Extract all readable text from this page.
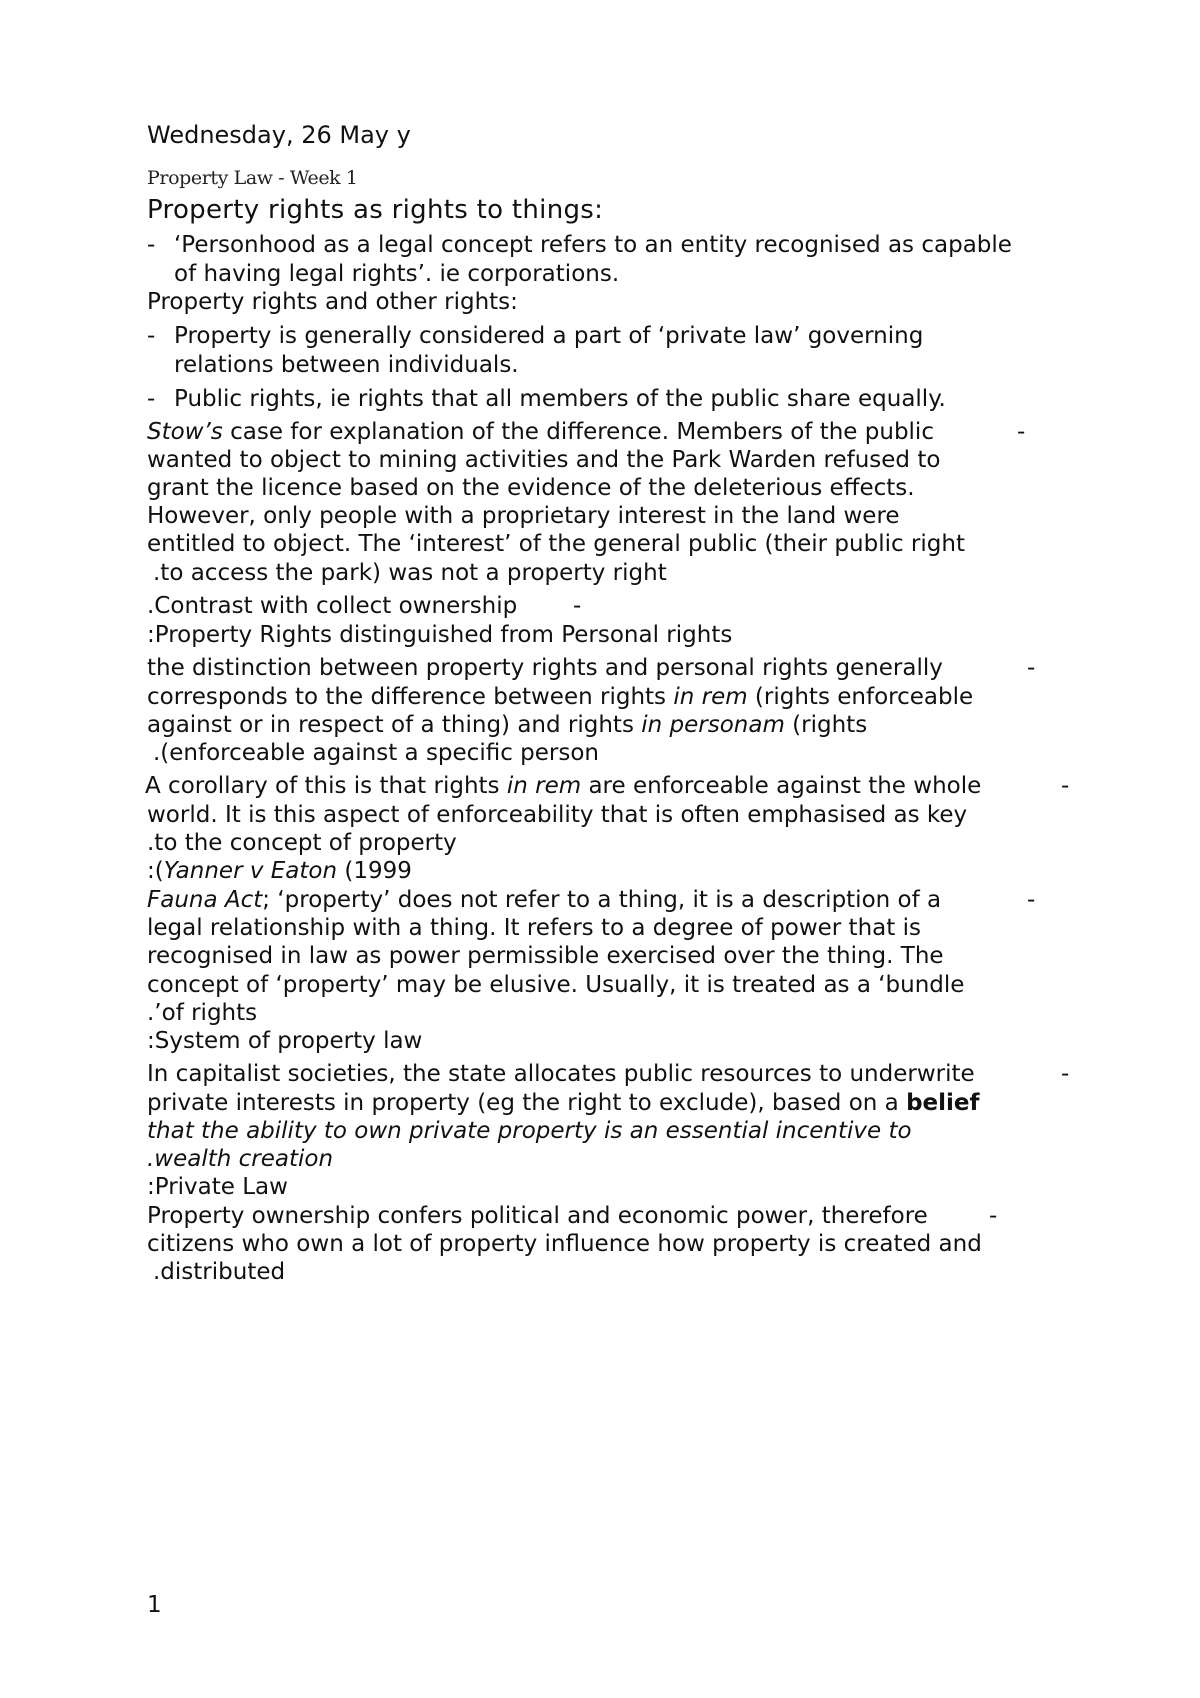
Wednesday, 26 May y

Property Law - Week 1

Property rights as rights to things:

- ‘Personhood as a legal concept refers to an entity recognised as capable

of having legal rights’. ie corporations.

Property rights and other rights:

- Property is generally considered a part of ‘private law’ governing

relations between individuals.

- Public rights, ie rights that all members of the public share equally.

Stow’s case for explanation of the difference. Members of the public	-

wanted to object to mining activities and the Park Warden refused to

grant the licence based on the evidence of the deleterious effects.

However, only people with a proprietary interest in the land were

entitled to object. The ‘interest’ of the general public (their public right

.to access the park) was not a property right

.Contrast with collect ownership -

:Property Rights distinguished from Personal rights

the distinction between property rights and personal rights generally	-

corresponds to the difference between rights in rem (rights enforceable

against or in respect of a thing) and rights in personam (rights

.(enforceable against a specific person

A corollary of this is that rights in rem are enforceable against the whole	-

world. It is this aspect of enforceability that is often emphasised as key

.to the concept of property

:(Yanner v Eaton (1999

Fauna Act; ‘property’ does not refer to a thing, it is a description of a	-

legal relationship with a thing. It refers to a degree of power that is

recognised in law as power permissible exercised over the thing. The

concept of ‘property’ may be elusive. Usually, it is treated as a ‘bundle

.’of rights

:System of property law

In capitalist societies, the state allocates public resources to underwrite	-

private interests in property (eg the right to exclude), based on a belief

that the ability to own private property is an essential incentive to

.wealth creation

:Private Law

Property ownership confers political and economic power, therefore	-

citizens who own a lot of property influence how property is created and

.distributed

1
